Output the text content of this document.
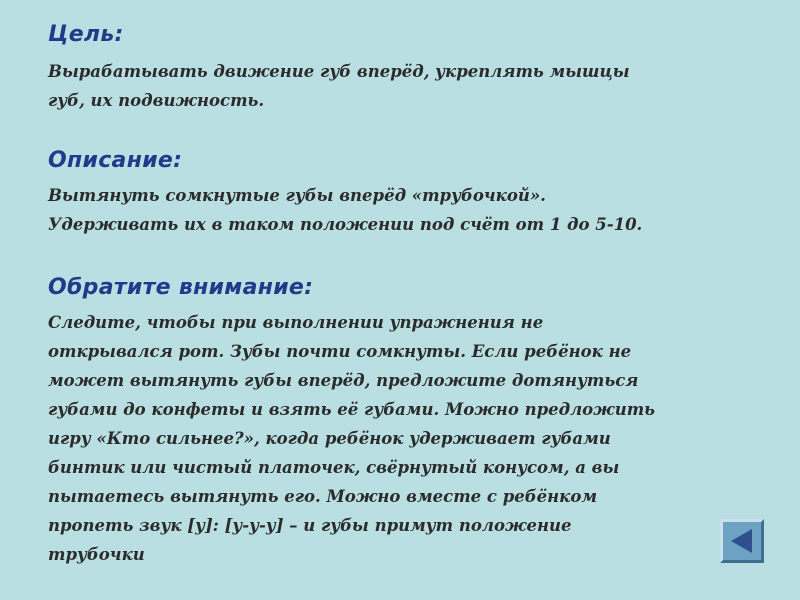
Цель:

Вырабатывать движение губ вперёд, укреплять мышцы
губ, их подвижность.

Описание:

Вытянуть сомкнутые губы вперёд «трубочкой».
Удерживать их в таком положении под счёт от 1 до 5-10.

Обратите внимание:

Следите, чтобы при выполнении упражнения не
открывался рот. Зубы почти сомкнуты. Если ребёнок не
может вытянуть губы вперёд, предложите дотянуться
губами до конфеты и взять её губами. Можно предложить
игру «Кто сильнее?», когда ребёнок удерживает губами
бинтик или чистый платочек, свёрнутый конусом, а вы
пытаетесь вытянуть его. Можно вместе с ребёнком
пропеть звук [у]: [у-у-у] – и губы примут положение
трубочки
